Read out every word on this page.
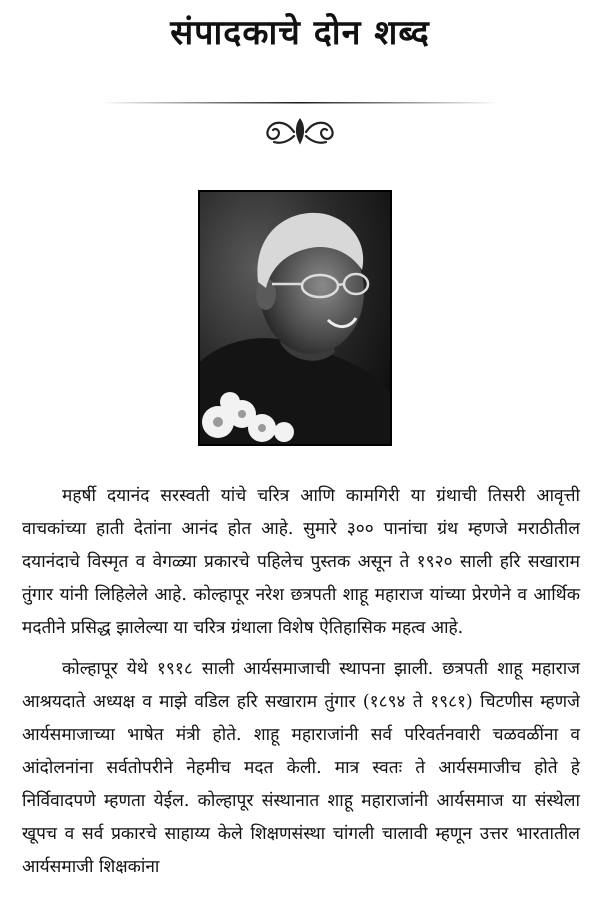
संपादकाचे दोन शब्द

महर्षी दयानंद सरस्वती यांचे चरित्र आणि कामगिरी या ग्रंथाची तिसरी आवृत्ती वाचकांच्या हाती देतांना आनंद होत आहे. सुमारे ३०० पानांचा ग्रंथ म्हणजे मराठीतील दयानंदाचे विस्मृत व वेगळ्या प्रकारचे पहिलेच पुस्तक असून ते १९२० साली हरि सखाराम तुंगार यांनी लिहिलेले आहे. कोल्हापूर नरेश छत्रपती शाहू महाराज यांच्या प्रेरणेने व आर्थिक मदतीने प्रसिद्ध झालेल्या या चरित्र ग्रंथाला विशेष ऐतिहासिक महत्व आहे.

कोल्हापूर येथे १९१८ साली आर्यसमाजाची स्थापना झाली. छत्रपती शाहू महाराज आश्रयदाते अध्यक्ष व माझे वडिल हरि सखाराम तुंगार (१८९४ ते १९८१) चिटणीस म्हणजे आर्यसमाजाच्या भाषेत मंत्री होते. शाहू महाराजांनी सर्व परिवर्तनवारी चळवळींना व आंदोलनांना सर्वतोपरीने नेहमीच मदत केली. मात्र स्वतः ते आर्यसमाजीच होते हे निर्विवादपणे म्हणता येईल. कोल्हापूर संस्थानात शाहू महाराजांनी आर्यसमाज या संस्थेला खूपच व सर्व प्रकारचे साहाय्य केले शिक्षणसंस्था चांगली चालावी म्हणून उत्तर भारतातील आर्यसमाजी शिक्षकांना
